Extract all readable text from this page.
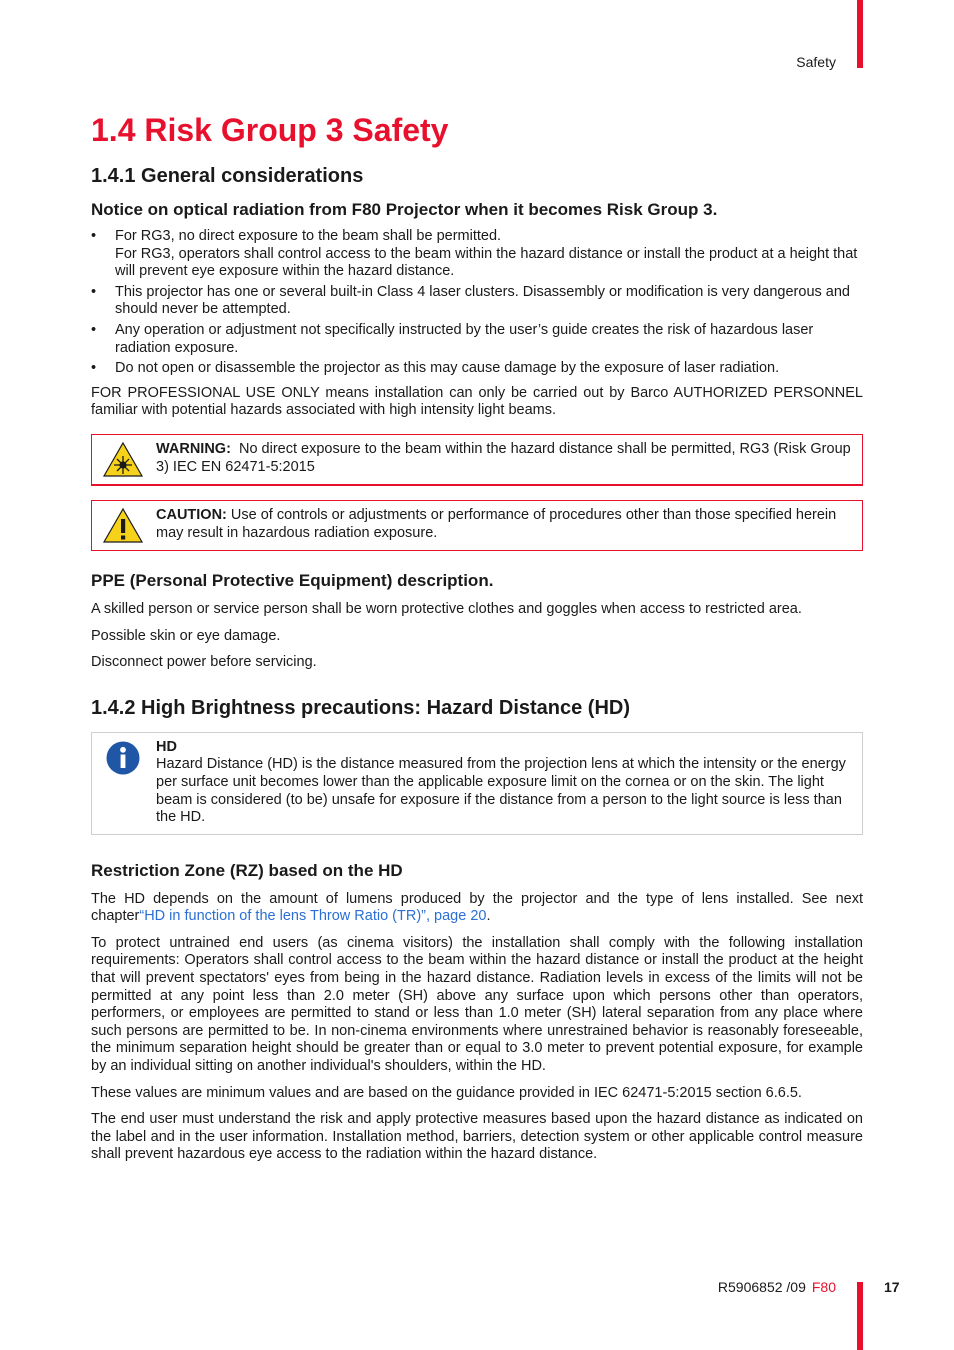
Safety
1.4 Risk Group 3 Safety
1.4.1 General considerations
Notice on optical radiation from F80 Projector when it becomes Risk Group 3.
• For RG3, no direct exposure to the beam shall be permitted.
For RG3, operators shall control access to the beam within the hazard distance or install the product at a height that will prevent eye exposure within the hazard distance.
• This projector has one or several built-in Class 4 laser clusters. Disassembly or modification is very dangerous and should never be attempted.
• Any operation or adjustment not specifically instructed by the user’s guide creates the risk of hazardous laser radiation exposure.
• Do not open or disassemble the projector as this may cause damage by the exposure of laser radiation.

FOR PROFESSIONAL USE ONLY means installation can only be carried out by Barco AUTHORIZED PERSONNEL familiar with potential hazards associated with high intensity light beams.

WARNING: No direct exposure to the beam within the hazard distance shall be permitted, RG3 (Risk Group 3) IEC EN 62471-5:2015
CAUTION: Use of controls or adjustments or performance of procedures other than those specified herein may result in hazardous radiation exposure.
PPE (Personal Protective Equipment) description.

A skilled person or service person shall be worn protective clothes and goggles when access to restricted area.

Possible skin or eye damage.

Disconnect power before servicing.

1.4.2 High Brightness precautions: Hazard Distance (HD)
HD
Hazard Distance (HD) is the distance measured from the projection lens at which the intensity or the energy per surface unit becomes lower than the applicable exposure limit on the cornea or on the skin. The light beam is considered (to be) unsafe for exposure if the distance from a person to the light source is less than the HD.
Restriction Zone (RZ) based on the HD

The HD depends on the amount of lumens produced by the projector and the type of lens installed. See next chapter“HD in function of the lens Throw Ratio (TR)”, page 20.

To protect untrained end users (as cinema visitors) the installation shall comply with the following installation requirements: Operators shall control access to the beam within the hazard distance or install the product at the height that will prevent spectators' eyes from being in the hazard distance. Radiation levels in excess of the limits will not be permitted at any point less than 2.0 meter (SH) above any surface upon which persons other than operators, performers, or employees are permitted to stand or less than 1.0 meter (SH) lateral separation from any place where such persons are permitted to be. In non-cinema environments where unrestrained behavior is reasonably foreseeable, the minimum separation height should be greater than or equal to 3.0 meter to prevent potential exposure, for example by an individual sitting on another individual's shoulders, within the HD.

These values are minimum values and are based on the guidance provided in IEC 62471-5:2015 section 6.6.5.

The end user must understand the risk and apply protective measures based upon the hazard distance as indicated on the label and in the user information. Installation method, barriers, detection system or other applicable control measure shall prevent hazardous eye access to the radiation within the hazard distance.

R5906852 /09 F80	17
